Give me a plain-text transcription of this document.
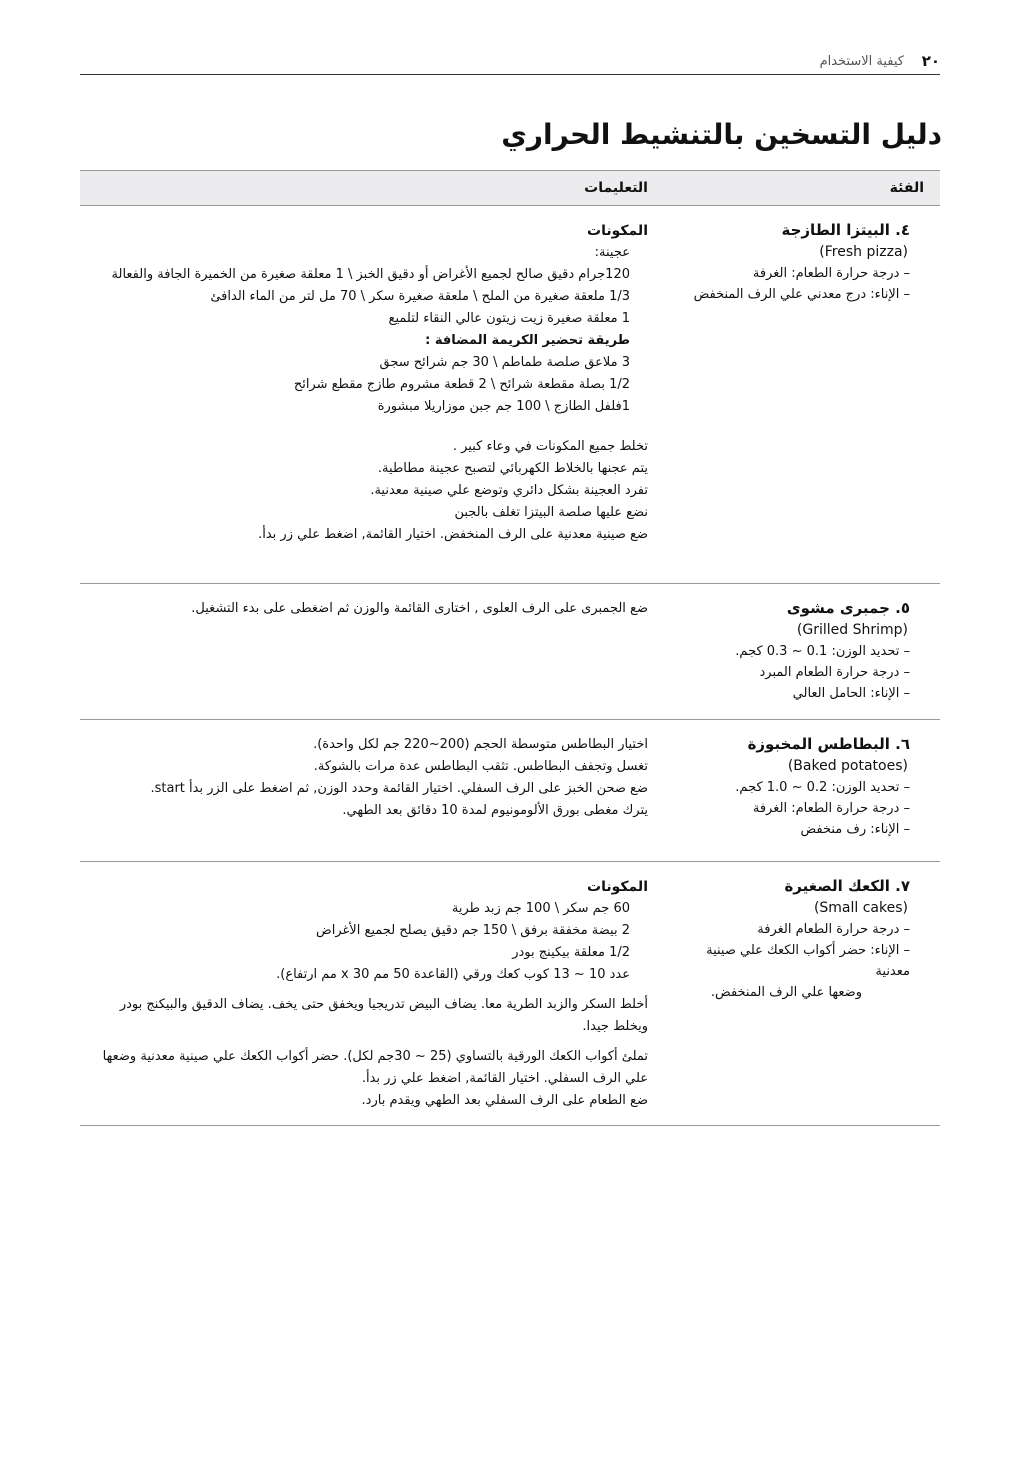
٢٠
كيفية الاستخدام
دليل التسخين بالتنشيط الحراري
الفئة
التعليمات
٤. البيتزا الطازجة
(Fresh pizza)
– درجة حرارة الطعام: الغرفة
– الإناء: درج معدني علي الرف المنخفض
المكونات
عجينة:
120جرام دقيق صالح لجميع الأغراض أو دقيق الخبز \ 1 معلقة صغيرة من الخميرة الجافة والفعالة
1/3 ملعقة صغيرة من الملح \ ملعقة صغيرة سكر \ 70 مل لتر من الماء الدافئ
1 معلقة صغيرة زيت زيتون عالي النقاء لتلميع
طريقة تحضير الكريمة المضافة :
3 ملاعق صلصة طماطم \ 30 جم شرائح سجق
1/2 بصلة مقطعة شرائح \ 2 قطعة مشروم طازج مقطع شرائح
1فلفل الطازج \ 100 جم جبن موزاريلا مبشورة
تخلط جميع المكونات في وعاء كبير .
يتم عجنها بالخلاط الكهربائي لتصبح عجينة مطاطية.
تفرد العجينة بشكل دائري وتوضع علي صينية معدنية.
نضع عليها صلصة البيتزا تغلف بالجبن
ضع صينية معدنية على الرف المنخفض. اختيار القائمة, اضغط علي زر بدأ.
٥. جمبرى مشوى
(Grilled Shrimp)
– تحديد الوزن: 0.1 ~ 0.3 كجم.
– درجة حرارة الطعام المبرد
– الإناء: الحامل العالي
ضع الجمبرى على الرف العلوى , اختارى القائمة والوزن ثم اضغطى على بدء التشغيل.
٦. البطاطس المخبوزة
(Baked potatoes)
– تحديد الوزن: 0.2 ~ 1.0 كجم.
– درجة حرارة الطعام: الغرفة
– الإناء: رف منخفض
اختيار البطاطس متوسطة الحجم (200~220 جم لكل واحدة).
تغسل وتجفف البطاطس. تثقب البطاطس عدة مرات بالشوكة.
ضع صحن الخبز على الرف السفلي. اختيار القائمة وحدد الوزن, ثم اضغط على الزر بدأ start.
يترك مغطى بورق الألومونيوم لمدة 10 دقائق بعد الطهي.
٧. الكعك الصغيرة
(Small cakes)
– درجة حرارة الطعام الغرفة
– الإناء: حضر أكواب الكعك علي صينية معدنية
وضعها علي الرف المنخفض.
المكونات
60 جم سكر \ 100 جم زبد طرية
2 بيضة مخفقة برفق \ 150 جم دقيق يصلح لجميع الأغراض
1/2 معلقة بيكينج بودر
عدد 10 ~ 13 كوب كعك ورقي (القاعدة 50 مم x 30 مم ارتفاع).
أخلط السكر والزبد الطرية معا. يضاف البيض تدريجيا ويخفق حتى يخف. يضاف الدقيق والبيكنج بودر ويخلط جيدا.
تملئ أكواب الكعك الورقية بالتساوي (25 ~ 30جم لكل). حضر أكواب الكعك علي صينية معدنية وضعها علي الرف السفلي. اختيار القائمة, اضغط علي زر بدأ.
ضع الطعام على الرف السفلي بعد الطهي ويقدم بارد.
